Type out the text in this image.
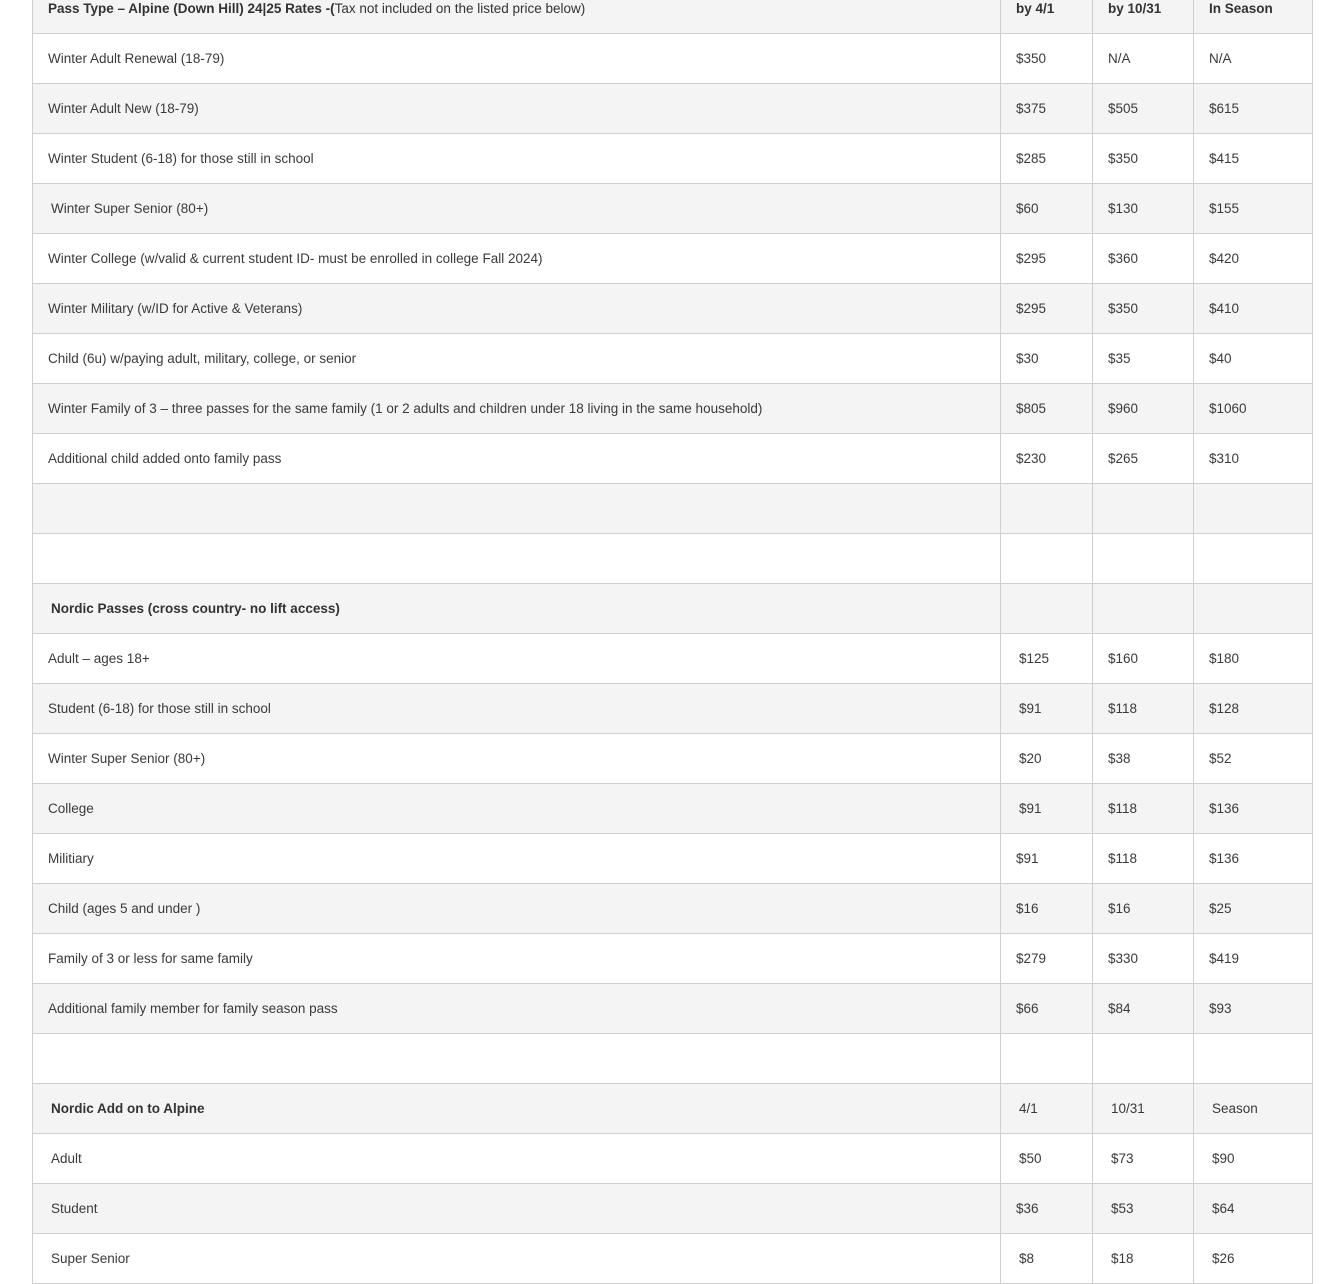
Pass Type – Alpine (Down Hill) 24|25 Rates -(Tax not included on the listed price below)	by 4/1	by 10/31	In Season
Winter Adult Renewal (18-79)	$350	N/A	N/A
Winter Adult New (18-79)	$375	$505	$615
Winter Student (6-18) for those still in school	$285	$350	$415
Winter Super Senior (80+)	$60	$130	$155
Winter College (w/valid & current student ID- must be enrolled in college Fall 2024)	$295	$360	$420
Winter Military (w/ID for Active & Veterans)	$295	$350	$410
Child (6u) w/paying adult, military, college, or senior	$30	$35	$40
Winter Family of 3 – three passes for the same family (1 or 2 adults and children under 18 living in the same household)	$805	$960	$1060
Additional child added onto family pass	$230	$265	$310

Nordic Passes (cross country- no lift access)			
Adult – ages 18+	$125	$160	$180
Student (6-18) for those still in school	$91	$118	$128
Winter Super Senior (80+)	$20	$38	$52
College	$91	$118	$136
Militiary	$91	$118	$136
Child (ages 5 and under )	$16	$16	$25
Family of 3 or less for same family	$279	$330	$419
Additional family member for family season pass	$66	$84	$93

Nordic Add on to Alpine	4/1	10/31	Season
Adult	$50	$73	$90
Student	$36	$53	$64
Super Senior	$8	$18	$26
